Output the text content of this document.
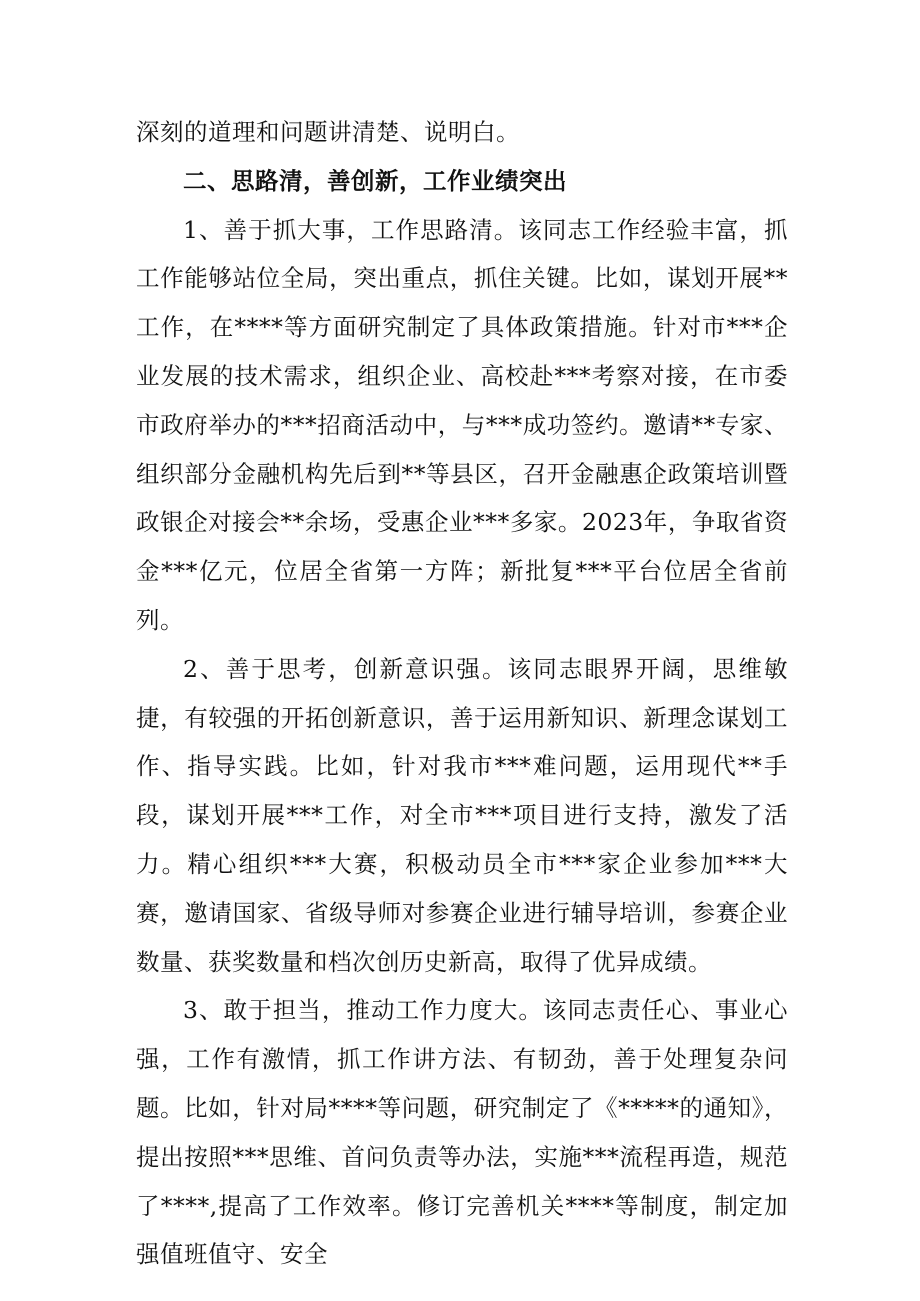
深刻的道理和问题讲清楚、说明白。

二、思路清，善创新，工作业绩突出

1、善于抓大事，工作思路清。该同志工作经验丰富，抓工作能够站位全局，突出重点，抓住关键。比如，谋划开展**工作，在****等方面研究制定了具体政策措施。针对市***企业发展的技术需求，组织企业、高校赴***考察对接，在市委市政府举办的***招商活动中，与***成功签约。邀请**专家、组织部分金融机构先后到**等县区，召开金融惠企政策培训暨政银企对接会**余场，受惠企业***多家。2023年，争取省资金***亿元，位居全省第一方阵；新批复***平台位居全省前列。

2、善于思考，创新意识强。该同志眼界开阔，思维敏捷，有较强的开拓创新意识，善于运用新知识、新理念谋划工作、指导实践。比如，针对我市***难问题，运用现代**手段，谋划开展***工作，对全市***项目进行支持，激发了活力。精心组织***大赛，积极动员全市***家企业参加***大赛，邀请国家、省级导师对参赛企业进行辅导培训，参赛企业数量、获奖数量和档次创历史新高，取得了优异成绩。

3、敢于担当，推动工作力度大。该同志责任心、事业心强，工作有激情，抓工作讲方法、有韧劲，善于处理复杂问题。比如，针对局****等问题，研究制定了《*****的通知》，提出按照***思维、首问负责等办法，实施***流程再造，规范了****,提高了工作效率。修订完善机关****等制度，制定加强值班值守、安全
